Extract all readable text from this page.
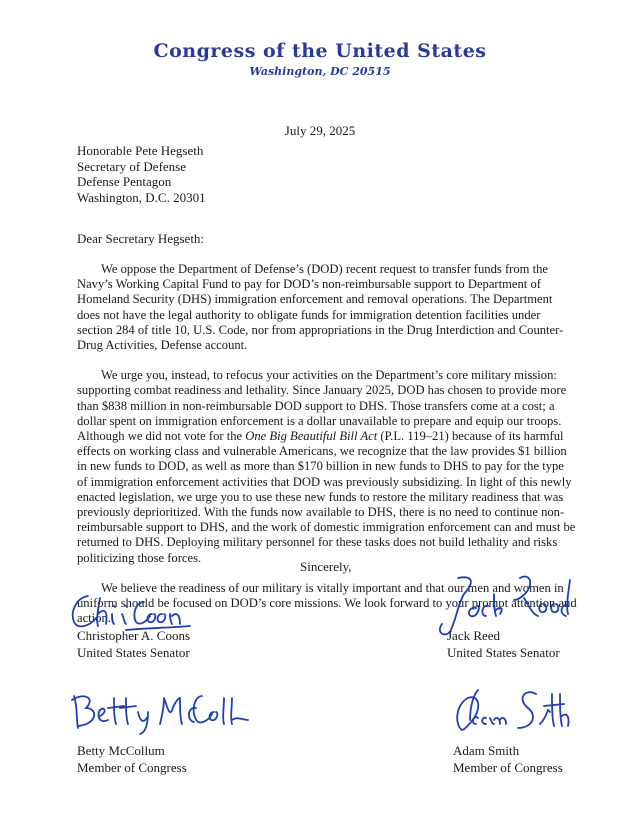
Congress of the United States
Washington, DC 20515
July 29, 2025
Honorable Pete Hegseth
Secretary of Defense
Defense Pentagon
Washington, D.C. 20301
Dear Secretary Hegseth:

We oppose the Department of Defense’s (DOD) recent request to transfer funds from the Navy’s Working Capital Fund to pay for DOD’s non-reimbursable support to Department of Homeland Security (DHS) immigration enforcement and removal operations. The Department does not have the legal authority to obligate funds for immigration detention facilities under section 284 of title 10, U.S. Code, nor from appropriations in the Drug Interdiction and Counter-Drug Activities, Defense account.

We urge you, instead, to refocus your activities on the Department’s core military mission: supporting combat readiness and lethality. Since January 2025, DOD has chosen to provide more than $838 million in non-reimbursable DOD support to DHS. Those transfers come at a cost; a dollar spent on immigration enforcement is a dollar unavailable to prepare and equip our troops. Although we did not vote for the One Big Beautiful Bill Act (P.L. 119–21) because of its harmful effects on working class and vulnerable Americans, we recognize that the law provides $1 billion in new funds to DOD, as well as more than $170 billion in new funds to DHS to pay for the type of immigration enforcement activities that DOD was previously subsidizing. In light of this newly enacted legislation, we urge you to use these new funds to restore the military readiness that was previously deprioritized. With the funds now available to DHS, there is no need to continue non-reimbursable support to DHS, and the work of domestic immigration enforcement can and must be returned to DHS. Deploying military personnel for these tasks does not build lethality and risks politicizing those forces.

We believe the readiness of our military is vitally important and that our men and women in uniform should be focused on DOD’s core missions. We look forward to your prompt attention and action.

Sincerely,
Christopher A. Coons
United States Senator
Jack Reed
United States Senator
Betty McCollum
Member of Congress
Adam Smith
Member of Congress
